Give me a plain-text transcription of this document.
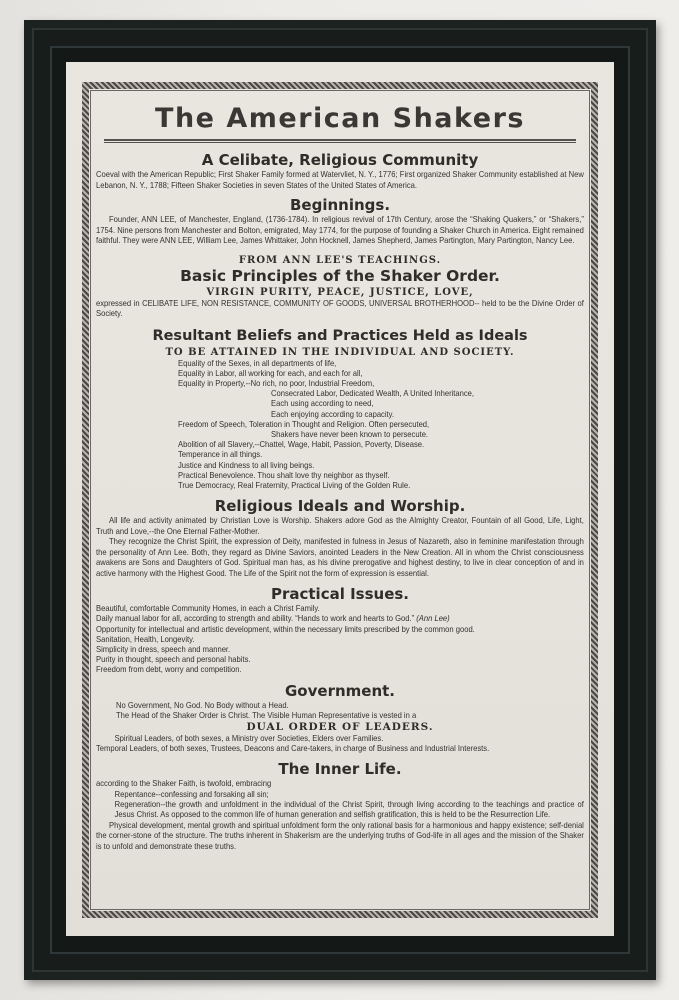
The American Shakers
A Celibate, Religious Community

Coeval with the American Republic; First Shaker Family formed at Watervliet, N. Y., 1776; First organized Shaker Community established at New Lebanon, N. Y., 1788; Fifteen Shaker Societies in seven States of the United States of America.

Beginnings.

Founder, ANN LEE, of Manchester, England, (1736-1784). In religious revival of 17th Century, arose the “Shaking Quakers,” or “Shakers,” 1754. Nine persons from Manchester and Bolton, emigrated, May 1774, for the purpose of founding a Shaker Church in America. Eight remained faithful. They were ANN LEE, William Lee, James Whittaker, John Hocknell, James Shepherd, James Partington, Mary Partington, Nancy Lee.

FROM ANN LEE'S TEACHINGS.
Basic Principles of the Shaker Order.
VIRGIN PURITY, PEACE, JUSTICE, LOVE,

expressed in CELIBATE LIFE, NON RESISTANCE, COMMUNITY OF GOODS, UNIVERSAL BROTHERHOOD-- held to be the Divine Order of Society.

Resultant Beliefs and Practices Held as Ideals
TO BE ATTAINED IN THE INDIVIDUAL AND SOCIETY.
Equality of the Sexes, in all departments of life,
Equality in Labor, all working for each, and each for all,
Equality in Property,--No rich, no poor, Industrial Freedom,
Consecrated Labor, Dedicated Wealth, A United Inheritance,
Each using according to need,
Each enjoying according to capacity.
Freedom of Speech, Toleration in Thought and Religion. Often persecuted,
Shakers have never been known to persecute.
Abolition of all Slavery,--Chattel, Wage, Habit, Passion, Poverty, Disease.
Temperance in all things.
Justice and Kindness to all living beings.
Practical Benevolence. Thou shalt love thy neighbor as thyself.
True Democracy, Real Fraternity, Practical Living of the Golden Rule.
Religious Ideals and Worship.

All life and activity animated by Christian Love is Worship. Shakers adore God as the Almighty Creator, Fountain of all Good, Life, Light, Truth and Love,--the One Eternal Father-Mother.

They recognize the Christ Spirit, the expression of Deity, manifested in fulness in Jesus of Nazareth, also in feminine manifestation through the personality of Ann Lee. Both, they regard as Divine Saviors, anointed Leaders in the New Creation. All in whom the Christ consciousness awakens are Sons and Daughters of God. Spiritual man has, as his divine prerogative and highest destiny, to live in clear conception of and in active harmony with the Highest Good. The Life of the Spirit not the form of expression is essential.

Practical Issues.
Beautiful, comfortable Community Homes, in each a Christ Family.
Daily manual labor for all, according to strength and ability. “Hands to work and hearts to God.” (Ann Lee)
Opportunity for intellectual and artistic development, within the necessary limits prescribed by the common good.
Sanitation, Health, Longevity.
Simplicity in dress, speech and manner.
Purity in thought, speech and personal habits.
Freedom from debt, worry and competition.
Government.
No Government, No God. No Body without a Head.
The Head of the Shaker Order is Christ. The Visible Human Representative is vested in a
DUAL ORDER OF LEADERS.
Spiritual Leaders, of both sexes, a Ministry over Societies, Elders over Families.
Temporal Leaders, of both sexes, Trustees, Deacons and Care-takers, in charge of Business and Industrial Interests.
The Inner Life.
according to the Shaker Faith, is twofold, embracing
Repentance--confessing and forsaking all sin;

Regeneration--the growth and unfoldment in the individual of the Christ Spirit, through living according to the teachings and practice of Jesus Christ. As opposed to the common life of human generation and selfish gratification, this is held to be the Resurrection Life.

Physical development, mental growth and spiritual unfoldment form the only rational basis for a harmonious and happy existence; self-denial the corner-stone of the structure. The truths inherent in Shakerism are the underlying truths of God-life in all ages and the mission of the Shaker is to unfold and demonstrate these truths.
